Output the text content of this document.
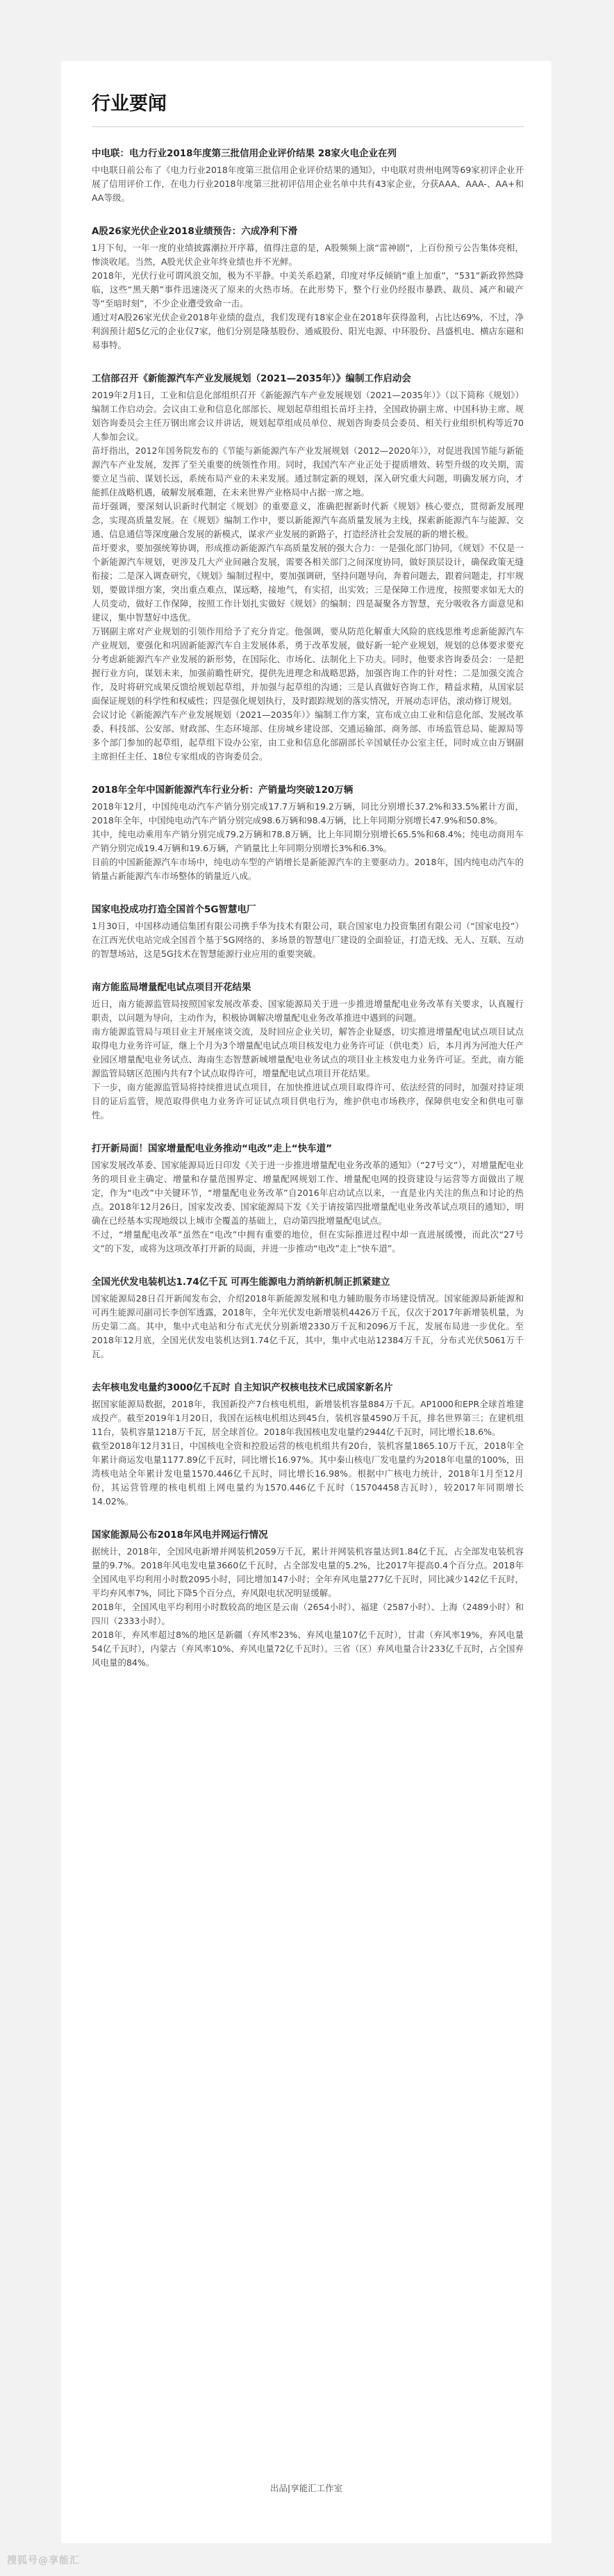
行业要闻
中电联：电力行业2018年度第三批信用企业评价结果 28家火电企业在列

中电联日前公布了《电力行业2018年度第三批信用企业评价结果的通知》，中电联对贵州电网等69家初评企业开展了信用评价工作，在电力行业2018年度第三批初评信用企业名单中共有43家企业，分获AAA、AAA-、AA+和AA等级。

A股26家光伏企业2018业绩预告：六成净利下滑

1月下旬，一年一度的业绩披露潮拉开序幕，值得注意的是，A股频频上演“雷神剧”，上百份预亏公告集体亮相，惨淡收尾。当然，A股光伏企业年终业绩也并不光鲜。

2018年，光伏行业可谓风浪交加，极为不平静。中美关系趋紧，印度对华反倾销“重上加重”，“531”新政猝然降临，这些“黑天鹅”事件迅速浇灭了原来的火热市场。在此形势下，整个行业仍经报市暴跌、裁员、减产和破产等“至暗时刻”，不少企业遭受致命一击。

通过对A股26家光伏企业2018年业绩的盘点，我们发现有18家企业在2018年获得盈利，占比达69%，不过，净利润预计超5亿元的企业仅7家，他们分别是隆基股份、通威股份、阳光电源、中环股份、昌盛机电、横店东磁和易事特。

工信部召开《新能源汽车产业发展规划（2021—2035年）》编制工作启动会

2019年2月1日，工业和信息化部组织召开《新能源汽车产业发展规划（2021—2035年）》（以下简称《规划》）编制工作启动会。会议由工业和信息化部部长、规划起草组组长苗圩主持，全国政协副主席、中国科协主席、规划咨询委员会主任万钢出席会议并讲话，规划起草组成员单位、规划咨询委员会委员、相关行业组织机构等近70人参加会议。

苗圩指出，2012年国务院发布的《节能与新能源汽车产业发展规划（2012—2020年）》，对促进我国节能与新能源汽车产业发展，发挥了至关重要的统领性作用。同时，我国汽车产业正处于提质增效、转型升级的攻关期，需要立足当前、谋划长远，系统布局产业的未来发展。通过制定新的规划，深入研究重大问题，明确发展方向，才能抓住战略机遇，破解发展难题，在未来世界产业格局中占据一席之地。

苗圩强调，要深刻认识新时代制定《规划》的重要意义，准确把握新时代新《规划》核心要点，贯彻新发展理念，实现高质量发展。在《规划》编制工作中，要以新能源汽车高质量发展为主线，探索新能源汽车与能源、交通、信息通信等深度融合发展的新模式，谋求产业发展的新路子，打造经济社会发展的新的增长极。

苗圩要求，要加强统筹协调，形成推动新能源汽车高质量发展的强大合力：一是强化部门协同，《规划》不仅是一个新能源汽车规划，更涉及几大产业间融合发展，需要各相关部门之间深度协同，做好顶层设计，确保政策无缝衔接；二是深入调查研究，《规划》编制过程中，要加强调研，坚持问题导向，奔着问题去，跟着问题走，打牢规划，要做详细方案，突出重点难点，谋远略，接地气，有实招，出实效；三是保障工作进度，按照要求如无大的人员变动，做好工作保障，按照工作计划扎实做好《规划》的编制；四是凝聚各方智慧，充分吸收各方面意见和建议，集中智慧好中选优。

万钢副主席对产业规划的引领作用给予了充分肯定。他强调，要从防范化解重大风险的底线思维考虑新能源汽车产业规划，要强化和巩固新能源汽车自主发展体系，勇于改革发展，做好新一轮产业规划，规划的总体要求要充分考虑新能源汽车产业发展的新形势，在国际化、市场化、法制化上下功夫。同时，他要求咨询委员会：一是把握行业方向，谋划未来，加强前瞻性研究，提供先进理念和战略思路，加强咨询工作的针对性；二是加强交流合作，及时将研究成果反馈给规划起草组，并加强与起草组的沟通；三是认真做好咨询工作，精益求精，从国家层面保证规划的科学性和权威性；四是强化规划执行，及时跟踪规划的落实情况，开展动态评估，滚动修订规划。

会议讨论《新能源汽车产业发展规划（2021—2035年）》编制工作方案，宣布成立由工业和信息化部、发展改革委、科技部、公安部、财政部、生态环境部、住房城乡建设部、交通运输部、商务部、市场监管总局、能源局等多个部门参加的起草组，起草组下设办公室，由工业和信息化部副部长辛国斌任办公室主任，同时成立由万钢副主席担任主任、18位专家组成的咨询委员会。

2018年全年中国新能源汽车行业分析：产销量均突破120万辆

2018年12月，中国纯电动汽车产销分别完成17.7万辆和19.2万辆，同比分别增长37.2%和33.5%累计方面，2018年全年，中国纯电动汽车产销分别完成98.6万辆和98.4万辆，比上年同期分别增长47.9%和50.8%。

其中，纯电动乘用车产销分别完成79.2万辆和78.8万辆，比上年同期分别增长65.5%和68.4%；纯电动商用车产销分别完成19.4万辆和19.6万辆，产销量比上年同期分别增长3%和6.3%。

目前的中国新能源汽车市场中，纯电动车型的产销增长是新能源汽车的主要驱动力。2018年，国内纯电动汽车的销量占新能源汽车市场整体的销量近八成。

国家电投成功打造全国首个5G智慧电厂

1月30日，中国移动通信集团有限公司携手华为技术有限公司，联合国家电力投资集团有限公司（“国家电投”）在江西光伏电站完成全国首个基于5G网络的、多场景的智慧电厂建设的全面验证，打造无线、无人、互联、互动的智慧场站，这是5G技术在智慧能源行业应用的重要突破。

南方能监局增量配电试点项目开花结果

近日，南方能源监管局按照国家发展改革委、国家能源局关于进一步推进增量配电业务改革有关要求，认真履行职责，以问题为导向，主动作为，积极协调解决增量配电业务改革推进中遇到的问题。

南方能源监管局与项目业主开展座谈交流，及时回应企业关切，解答企业疑惑，切实推进增量配电试点项目试点取得电力业务许可证，继上个月为3个增量配电试点项目核发电力业务许可证（供电类）后，本月再为河池大任产业园区增量配电业务试点、海南生态智慧新城增量配电业务试点的项目业主核发电力业务许可证。至此，南方能源监管局辖区范围内共有7个试点取得许可，增量配电试点项目开花结果。

下一步，南方能源监管局将持续推进试点项目，在加快推进试点项目取得许可、依法经营的同时，加强对持证项目的证后监管，规范取得供电力业务许可证试点项目供电行为，维护供电市场秩序，保障供电安全和供电可靠性。

打开新局面！国家增量配电业务推动“电改”走上“快车道”

国家发展改革委、国家能源局近日印发《关于进一步推进增量配电业务改革的通知》（“27号文”），对增量配电业务的项目业主确定、增量和存量范围界定、增量配网规划工作、增量配电网的投资建设与运营等方面做出了规定，作为“电改”中关键环节，“增量配电业务改革”自2016年启动试点以来，一直是业内关注的焦点和讨论的热点。2018年12月26日，国家发改委、国家能源局下发《关于请按第四批增量配电业务改革试点项目的通知》，明确在已经基本实现地级以上城市全覆盖的基础上，启动第四批增量配电试点。

不过，“增量配电改革”虽然在“电改”中拥有重要的地位，但在实际推进过程中却一直进展缓慢，而此次“27号文”的下发，或将为这项改革打开新的局面，并进一步推动“电改”走上“快车道”。

全国光伏发电装机达1.74亿千瓦 可再生能源电力消纳新机制正抓紧建立

国家能源局28日召开新闻发布会，介绍2018年新能源发展和电力辅助服务市场建设情况。国家能源局新能源和可再生能源司副司长李创军透露，2018年，全年光伏发电新增装机4426万千瓦，仅次于2017年新增装机量，为历史第二高。其中，集中式电站和分布式光伏分别新增2330万千瓦和2096万千瓦，发展布局进一步优化。至2018年12月底，全国光伏发电装机达到1.74亿千瓦，其中，集中式电站12384万千瓦，分布式光伏5061万千瓦。

去年核电发电量约3000亿千瓦时 自主知识产权核电技术已成国家新名片

据国家能源局数据，2018年，我国新投产7台核电机组，新增装机容量884万千瓦。AP1000和EPR全球首堆建成投产。截至2019年1月20日，我国在运核电机组达到45台，装机容量4590万千瓦，排名世界第三；在建机组11台，装机容量1218万千瓦，居全球首位。2018年我国核电发电量约2944亿千瓦时，同比增长18.6%。

截至2018年12月31日，中国核电全资和控股运营的核电机组共有20台，装机容量1865.10万千瓦，2018年全年累计商运发电量1177.89亿千瓦时，同比增长16.97%。其中秦山核电厂发电量约为2018年电量的100%，田湾核电站全年累计发电量1570.446亿千瓦时，同比增长16.98%。根据中广核电力统计，2018年1月至12月份，其运营管理的核电机组上网电量约为1570.446亿千瓦时（15704458吉瓦时），较2017年同期增长14.02%。

国家能源局公布2018年风电并网运行情况

据统计，2018年，全国风电新增并网装机2059万千瓦，累计并网装机容量达到1.84亿千瓦，占全部发电装机容量的9.7%。2018年风电发电量3660亿千瓦时，占全部发电量的5.2%，比2017年提高0.4个百分点。2018年全国风电平均利用小时数2095小时，同比增加147小时；全年弃风电量277亿千瓦时，同比减少142亿千瓦时，平均弃风率7%，同比下降5个百分点，弃风限电状况明显缓解。

2018年，全国风电平均利用小时数较高的地区是云南（2654小时）、福建（2587小时）、上海（2489小时）和四川（2333小时）。

2018年，弃风率超过8%的地区是新疆（弃风率23%、弃风电量107亿千瓦时），甘肃（弃风率19%，弃风电量54亿千瓦时），内蒙古（弃风率10%、弃风电量72亿千瓦时）。三省（区）弃风电量合计233亿千瓦时，占全国弃风电量的84%。

出品|享能汇工作室
搜狐号@享能汇
